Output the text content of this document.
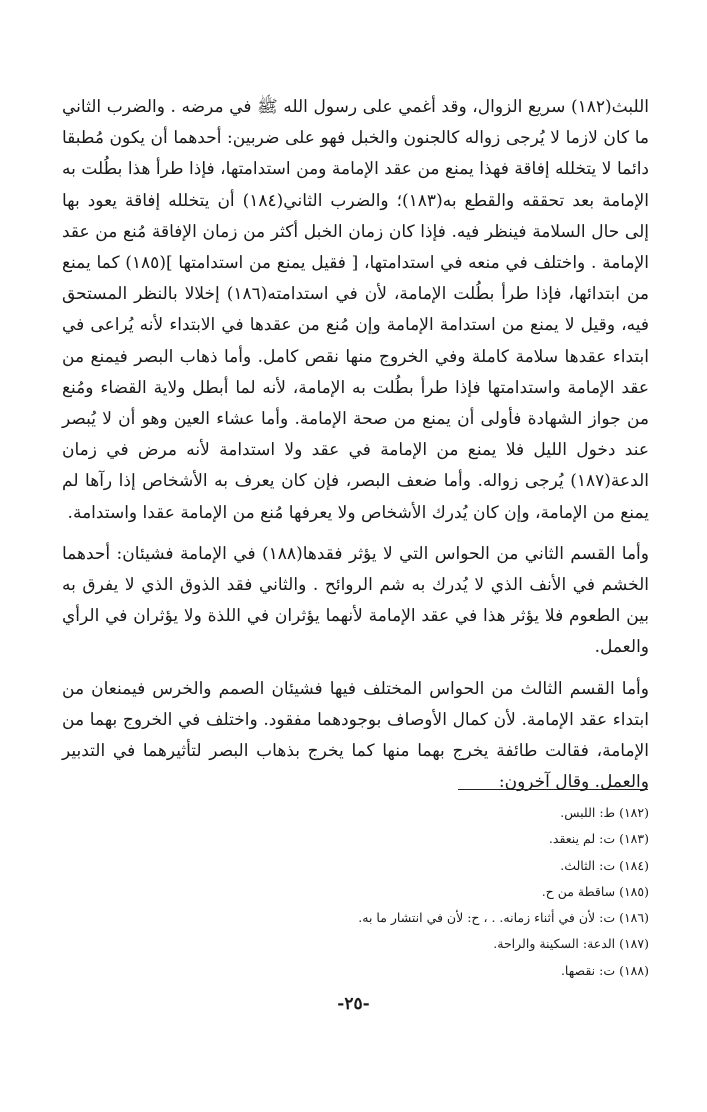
اللبث(١٨٢) سريع الزوال، وقد أغمي على رسول الله ﷺ في مرضه . والضرب الثاني ما كان لازما لا يُرجى زواله كالجنون والخبل فهو على ضربين: أحدهما أن يكون مُطبقا دائما لا يتخلله إفاقة فهذا يمنع من عقد الإمامة ومن استدامتها، فإذا طرأ هذا بطُلت به الإمامة بعد تحققه والقطع به(١٨٣)؛ والضرب الثاني(١٨٤) أن يتخلله إفاقة يعود بها إلى حال السلامة فينظر فيه. فإذا كان زمان الخبل أكثر من زمان الإفاقة مُنع من عقد الإمامة . واختلف في منعه في استدامتها، [ فقيل يمنع من استدامتها ](١٨٥) كما يمنع من ابتدائها، فإذا طرأ بطُلت الإمامة، لأن في استدامته(١٨٦) إخلالا بالنظر المستحق فيه، وقيل لا يمنع من استدامة الإمامة وإن مُنع من عقدها في الابتداء لأنه يُراعى في ابتداء عقدها سلامة كاملة وفي الخروج منها نقص كامل. وأما ذهاب البصر فيمنع من عقد الإمامة واستدامتها فإذا طرأ بطُلت به الإمامة، لأنه لما أبطل ولاية القضاء ومُنع من جواز الشهادة فأولى أن يمنع من صحة الإمامة. وأما عشاء العين وهو أن لا يُبصر عند دخول الليل فلا يمنع من الإمامة في عقد ولا استدامة لأنه مرض في زمان الدعة(١٨٧) يُرجى زواله. وأما ضعف البصر، فإن كان يعرف به الأشخاص إذا رآها لم يمنع من الإمامة، وإن كان يُدرك الأشخاص ولا يعرفها مُنع من الإمامة عقدا واستدامة.

وأما القسم الثاني من الحواس التي لا يؤثر فقدها(١٨٨) في الإمامة فشيئان: أحدهما الخشم في الأنف الذي لا يُدرك به شم الروائح . والثاني فقد الذوق الذي لا يفرق به بين الطعوم فلا يؤثر هذا في عقد الإمامة لأنهما يؤثران في اللذة ولا يؤثران في الرأي والعمل.

وأما القسم الثالث من الحواس المختلف فيها فشيئان الصمم والخرس فيمنعان من ابتداء عقد الإمامة. لأن كمال الأوصاف بوجودهما مفقود. واختلف في الخروج بهما من الإمامة، فقالت طائفة يخرج بهما منها كما يخرج بذهاب البصر لتأثيرهما في التدبير والعمل. وقال آخرون:

(١٨٢) ط: اللبس.
(١٨٣) ت: لم ينعقد.
(١٨٤) ت: الثالث.
(١٨٥) ساقطة من ح.
(١٨٦) ت: لأن في أثناء زمانه. . ، ح: لأن في انتشار ما به.
(١٨٧) الدعة: السكينة والراحة.
(١٨٨) ت: نقصها.
-٢٥-
